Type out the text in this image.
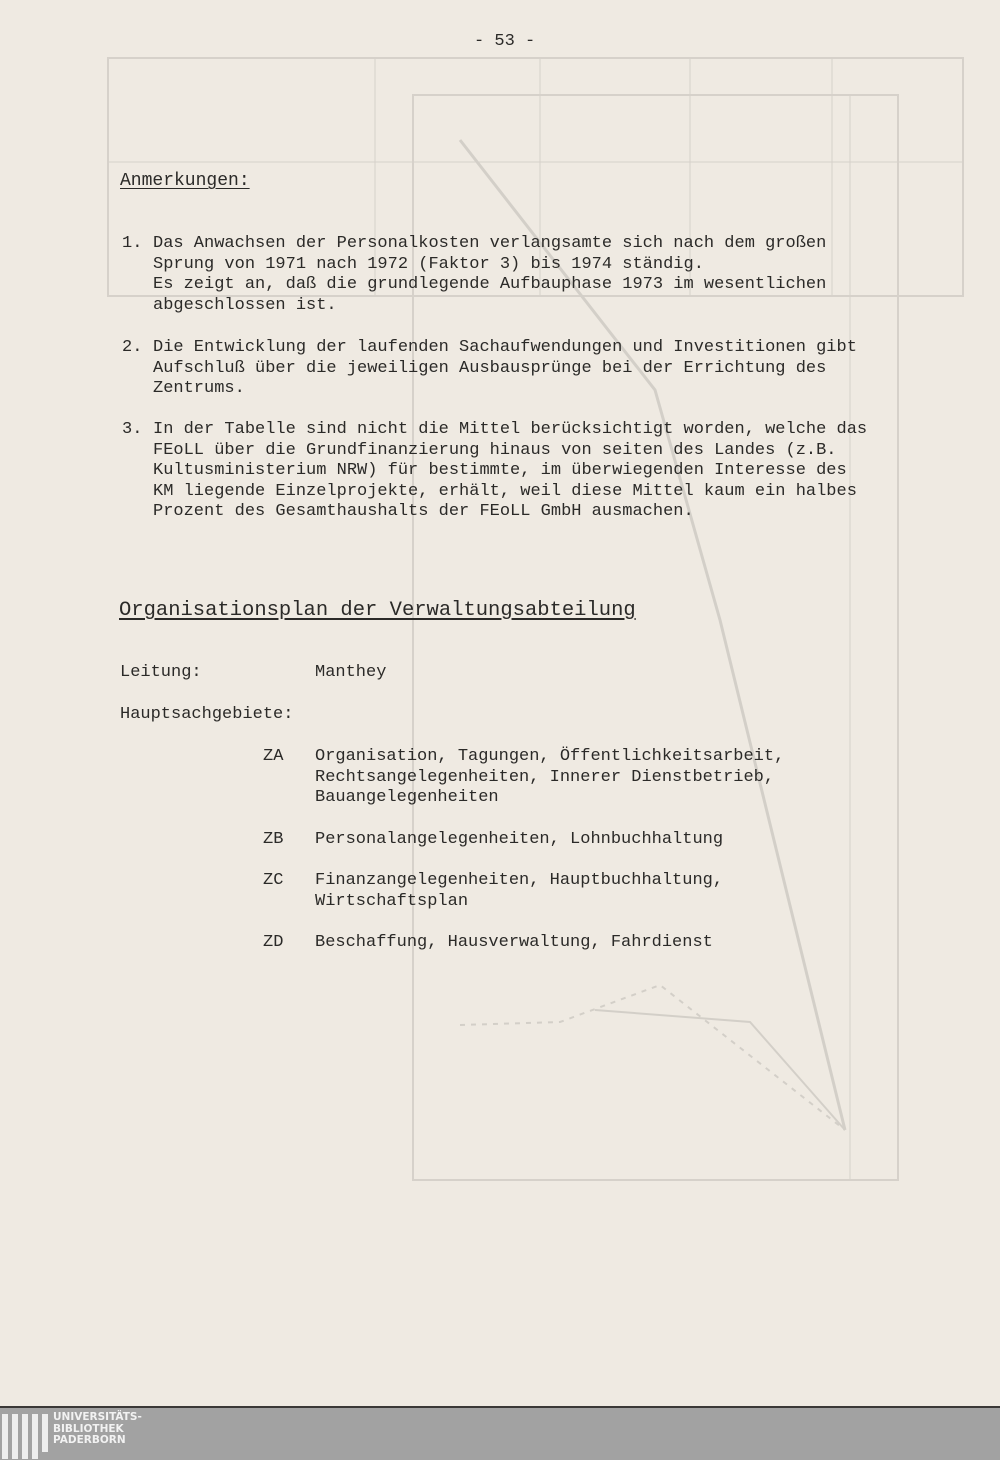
- 53 -
Anmerkungen:
1. Das Anwachsen der Personalkosten verlangsamte sich nach dem großen
Sprung von 1971 nach 1972 (Faktor 3) bis 1974 ständig.
Es zeigt an, daß die grundlegende Aufbauphase 1973 im wesentlichen
abgeschlossen ist.
2. Die Entwicklung der laufenden Sachaufwendungen und Investitionen gibt
Aufschluß über die jeweiligen Ausbausprünge bei der Errichtung des
Zentrums.
3. In der Tabelle sind nicht die Mittel berücksichtigt worden, welche das
FEoLL über die Grundfinanzierung hinaus von seiten des Landes (z.B.
Kultusministerium NRW) für bestimmte, im überwiegenden Interesse des
KM liegende Einzelprojekte, erhält, weil diese Mittel kaum ein halbes
Prozent des Gesamthaushalts der FEoLL GmbH ausmachen.
Organisationsplan der Verwaltungsabteilung
Leitung:	Manthey
Hauptsachgebiete:
ZA Organisation, Tagungen, Öffentlichkeitsarbeit,
Rechtsangelegenheiten, Innerer Dienstbetrieb,
Bauangelegenheiten
ZB Personalangelegenheiten, Lohnbuchhaltung
ZC Finanzangelegenheiten, Hauptbuchhaltung,
Wirtschaftsplan
ZD Beschaffung, Hausverwaltung, Fahrdienst
UNIVERSITÄTS-
BIBLIOTHEK
PADERBORN
